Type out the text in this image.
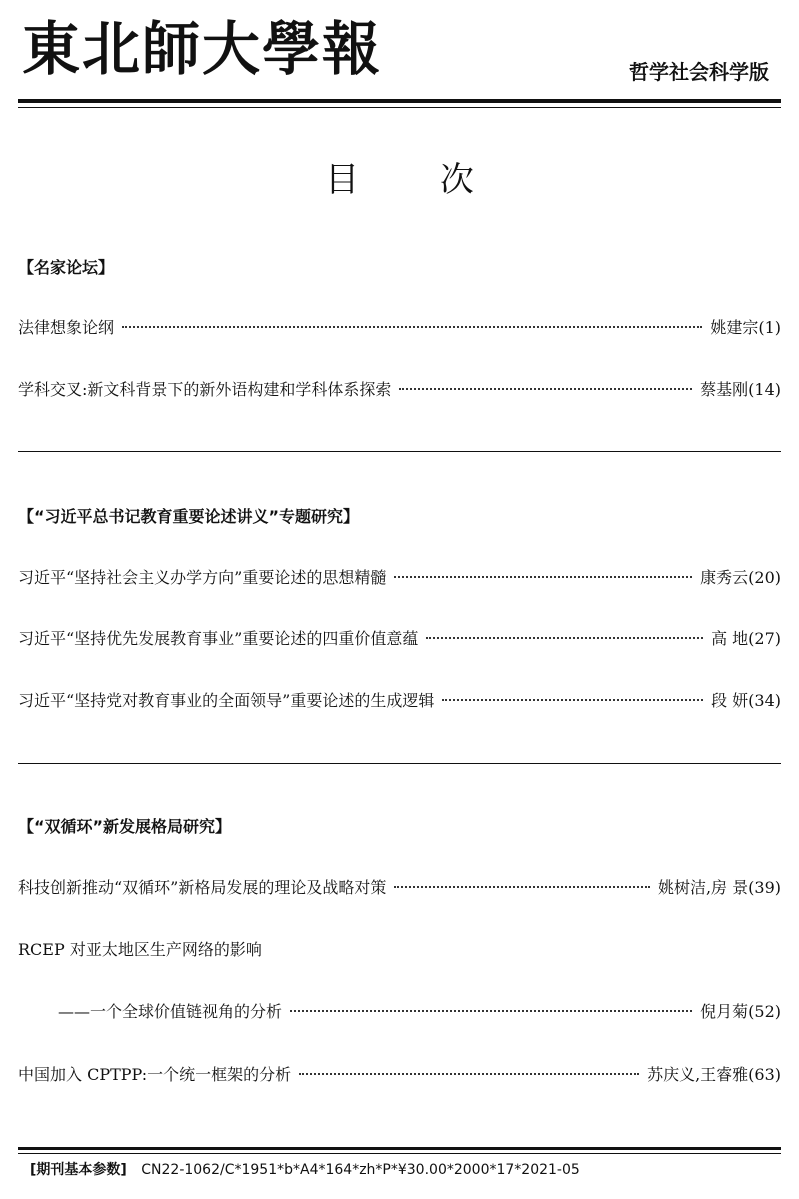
東北師大學報	哲学社会科学版
目 次
【名家论坛】
法律想象论纲	姚建宗(1)
学科交叉:新文科背景下的新外语构建和学科体系探索	蔡基刚(14)
【“习近平总书记教育重要论述讲义”专题研究】
习近平“坚持社会主义办学方向”重要论述的思想精髓	康秀云(20)
习近平“坚持优先发展教育事业”重要论述的四重价值意蕴	高 地(27)
习近平“坚持党对教育事业的全面领导”重要论述的生成逻辑	段 妍(34)
【“双循环”新发展格局研究】
科技创新推动“双循环”新格局发展的理论及战略对策	姚树洁,房 景(39)
RCEP 对亚太地区生产网络的影响
——一个全球价值链视角的分析	倪月菊(52)
中国加入 CPTPP:一个统一框架的分析	苏庆义,王睿雅(63)
[期刊基本参数] CN22-1062/C*1951*b*A4*164*zh*P*¥30.00*2000*17*2021-05
